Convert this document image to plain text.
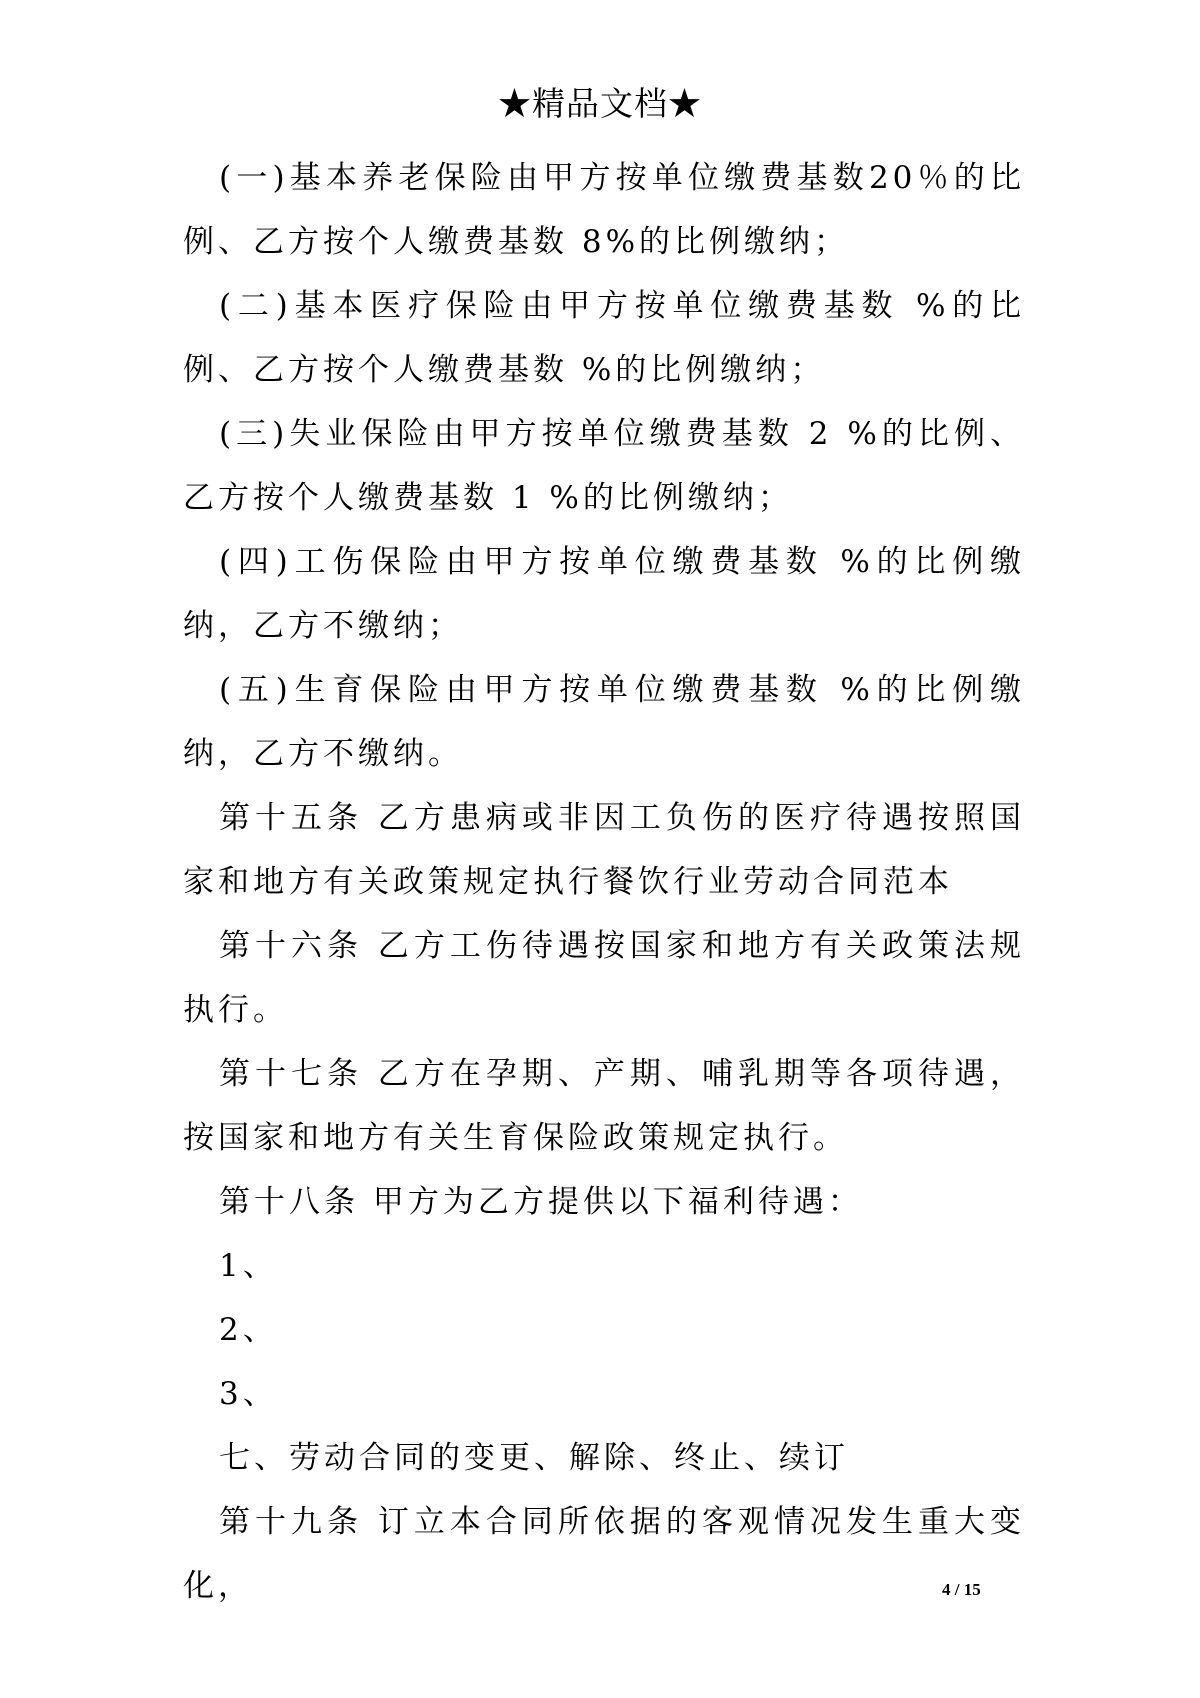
★精品文档★

(一)基本养老保险由甲方按单位缴费基数20％的比例、乙方按个人缴费基数 8%的比例缴纳；

(二)基本医疗保险由甲方按单位缴费基数 %的比例、乙方按个人缴费基数 %的比例缴纳；

(三)失业保险由甲方按单位缴费基数 2 %的比例、乙方按个人缴费基数 1 %的比例缴纳；

(四)工伤保险由甲方按单位缴费基数 %的比例缴纳，乙方不缴纳；

(五)生育保险由甲方按单位缴费基数 %的比例缴纳，乙方不缴纳。

第十五条 乙方患病或非因工负伤的医疗待遇按照国家和地方有关政策规定执行餐饮行业劳动合同范本

第十六条 乙方工伤待遇按国家和地方有关政策法规执行。

第十七条 乙方在孕期、产期、哺乳期等各项待遇，按国家和地方有关生育保险政策规定执行。

第十八条 甲方为乙方提供以下福利待遇：

1、

2、

3、

七、劳动合同的变更、解除、终止、续订

第十九条 订立本合同所依据的客观情况发生重大变化，	4 / 15
